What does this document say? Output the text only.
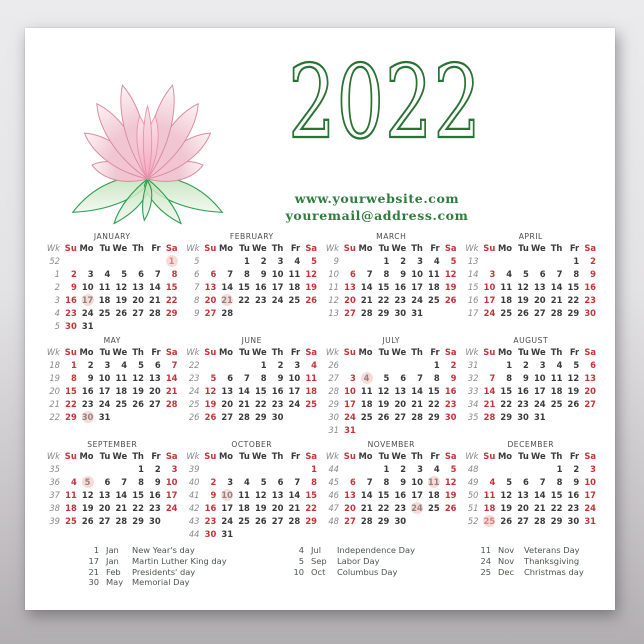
2022
www.yourwebsite.com
youremail@address.com
JANUARY
Wk	Su	Mo	Tu	We	Th	Fr	Sa
52							1
1	2	3	4	5	6	7	8
2	9	10	11	12	13	14	15
3	16	17	18	19	20	21	22
4	23	24	25	26	27	28	29
5	30	31					
FEBRUARY
Wk	Su	Mo	Tu	We	Th	Fr	Sa
5			1	2	3	4	5
6	6	7	8	9	10	11	12
7	13	14	15	16	17	18	19
8	20	21	22	23	24	25	26
9	27	28					
MARCH
Wk	Su	Mo	Tu	We	Th	Fr	Sa
9			1	2	3	4	5
10	6	7	8	9	10	11	12
11	13	14	15	16	17	18	19
12	20	21	22	23	24	25	26
13	27	28	29	30	31		
APRIL
Wk	Su	Mo	Tu	We	Th	Fr	Sa
13						1	2
14	3	4	5	6	7	8	9
15	10	11	12	13	14	15	16
16	17	18	19	20	21	22	23
17	24	25	26	27	28	29	30
MAY
Wk	Su	Mo	Tu	We	Th	Fr	Sa
18	1	2	3	4	5	6	7
19	8	9	10	11	12	13	14
20	15	16	17	18	19	20	21
21	22	23	24	25	26	27	28
22	29	30	31				
JUNE
Wk	Su	Mo	Tu	We	Th	Fr	Sa
22				1	2	3	4
23	5	6	7	8	9	10	11
24	12	13	14	15	16	17	18
25	19	20	21	22	23	24	25
26	26	27	28	29	30		
JULY
Wk	Su	Mo	Tu	We	Th	Fr	Sa
26						1	2
27	3	4	5	6	7	8	9
28	10	11	12	13	14	15	16
29	17	18	19	20	21	22	23
30	24	25	26	27	28	29	30
31	31						
AUGUST
Wk	Su	Mo	Tu	We	Th	Fr	Sa
31		1	2	3	4	5	6
32	7	8	9	10	11	12	13
33	14	15	16	17	18	19	20
34	21	22	23	24	25	26	27
35	28	29	30	31			
SEPTEMBER
Wk	Su	Mo	Tu	We	Th	Fr	Sa
35					1	2	3
36	4	5	6	7	8	9	10
37	11	12	13	14	15	16	17
38	18	19	20	21	22	23	24
39	25	26	27	28	29	30	
OCTOBER
Wk	Su	Mo	Tu	We	Th	Fr	Sa
39							1
40	2	3	4	5	6	7	8
41	9	10	11	12	13	14	15
42	16	17	18	19	20	21	22
43	23	24	25	26	27	28	29
44	30	31					
NOVEMBER
Wk	Su	Mo	Tu	We	Th	Fr	Sa
44			1	2	3	4	5
45	6	7	8	9	10	11	12
46	13	14	15	16	17	18	19
47	20	21	22	23	24	25	26
48	27	28	29	30			
DECEMBER
Wk	Su	Mo	Tu	We	Th	Fr	Sa
48					1	2	3
49	4	5	6	7	8	9	10
50	11	12	13	14	15	16	17
51	18	19	20	21	22	23	24
52	25	26	27	28	29	30	31
1 Jan	New Year's day
17 Jan	Martin Luther King day
21 Feb	Presidents' day
30 May	Memorial Day
4 Jul	Independence Day
5 Sep	Labor Day
10 Oct	Columbus Day
11 Nov	Veterans Day
24 Nov	Thanksgiving
25 Dec	Christmas day
